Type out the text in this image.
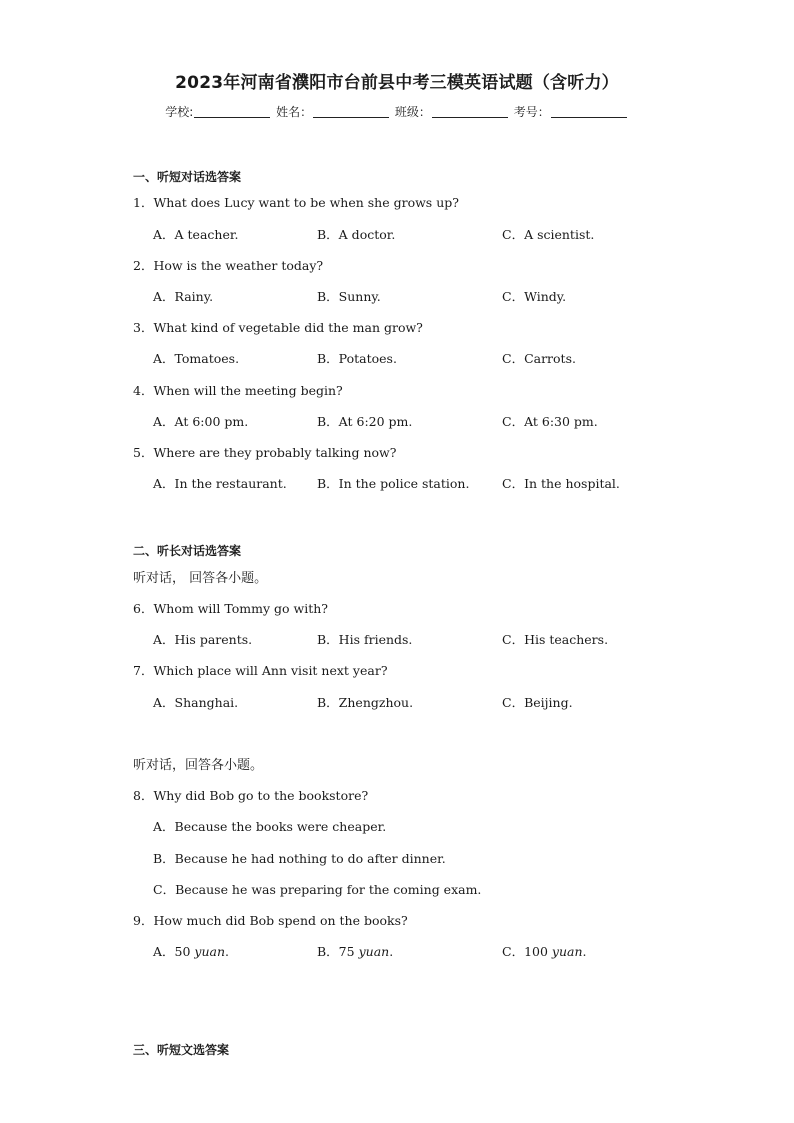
2023年河南省濮阳市台前县中考三模英语试题（含听力）
学校:	姓名：	班级：	考号：
一、听短对话选答案
1．What does Lucy want to be when she grows up?
A．A teacher.	B．A doctor.	C．A scientist.
2．How is the weather today?
A．Rainy.	B．Sunny.	C．Windy.
3．What kind of vegetable did the man grow?
A．Tomatoes.	B．Potatoes.	C．Carrots.
4．When will the meeting begin?
A．At 6:00 pm.	B．At 6:20 pm.	C．At 6:30 pm.
5．Where are they probably talking now?
A．In the restaurant. B．In the police station.	C．In the hospital.
二、听长对话选答案
听对话， 回答各小题。
6．Whom will Tommy go with?
A．His parents.	B．His friends.	C．His teachers.
7．Which place will Ann visit next year?
A．Shanghai.	B．Zhengzhou.	C．Beijing.
听对话，回答各小题。
8．Why did Bob go to the bookstore?
A．Because the books were cheaper.
B．Because he had nothing to do after dinner.
C．Because he was preparing for the coming exam.
9．How much did Bob spend on the books?
A．50 yuan.	B．75 yuan.	C．100 yuan.
三、听短文选答案
